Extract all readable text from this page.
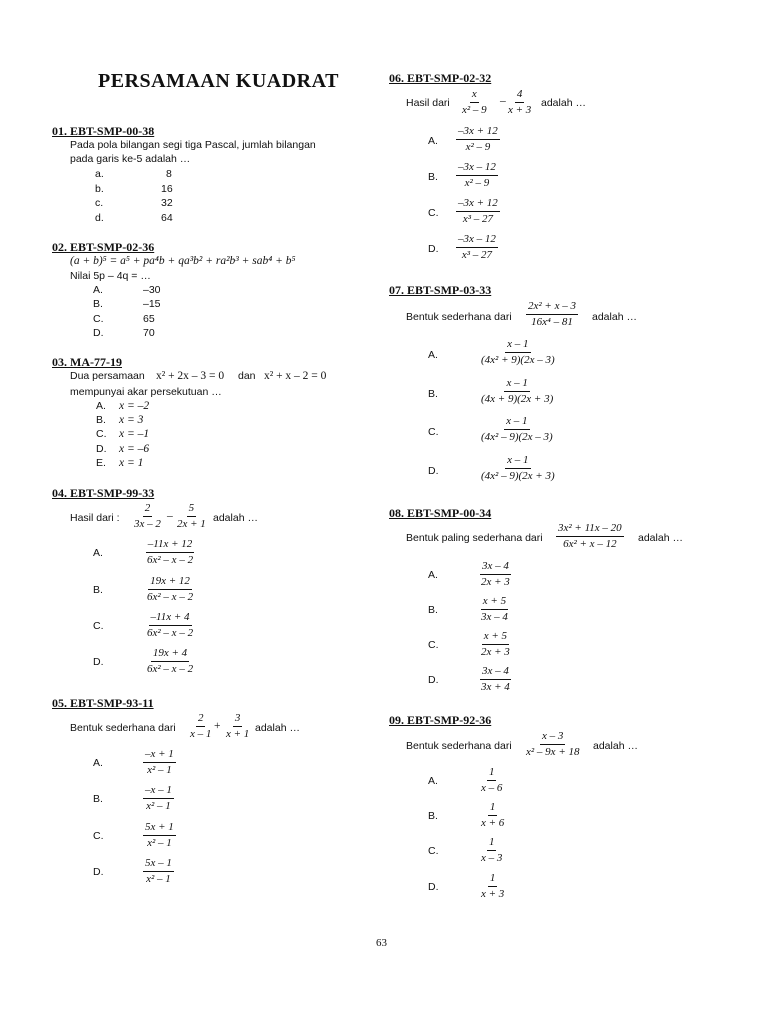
PERSAMAAN KUADRAT
01. EBT-SMP-00-38
Pada pola bilangan segi tiga Pascal, jumlah bilangan
pada garis ke-5 adalah …
a.	8
b.	16
c.	32
d.	64
02. EBT-SMP-02-36
(a + b)⁵ = a⁵ + pa⁴b + qa³b² + ra²b³ + sab⁴ + b⁵
Nilai 5p – 4q = …
A.	–30
B.	–15
C.	65
D.	70
03. MA-77-19
Dua persamaan x² + 2x – 3 = 0 dan x² + x – 2 = 0
mempunyai akar persekutuan …
A. x = –2
B. x = 3
C. x = –1
D. x = –6
E. x = 1
04. EBT-SMP-99-33
Hasil dari : $\frac{2}{3x - 2} - \frac{5}{2x + 1}$ adalah …
A.	$\frac{-11x + 12}{\text{6x² – x – 2}}$
B.	$\frac{19x + 12}{\text{6x² – x – 2}}$
C.	$\frac{-11x + 4}{\text{6x² – x – 2}}$
D.	$\frac{19x + 4}{\text{6x² – x – 2}}$
05. EBT-SMP-93-11
Bentuk sederhana dari $\frac{2}{x - 1} + \frac{3}{x + 1}$ adalah …
A.	$\frac{-x + 1}{\text{x² – 1}}$
B.	$\frac{-x - 1}{\text{x² – 1}}$
C.	$\frac{5x + 1}{\text{x² – 1}}$
D.	$\frac{5x - 1}{\text{x² – 1}}$
06. EBT-SMP-02-32
Hasil dari $\frac{x}{\text{x² – 9}} - \frac{4}{x + 3}$ adalah …
A. $\frac{-3x + 12}{\text{x² – 9}}$
B. $\frac{-3x - 12}{\text{x² – 9}}$
C. $\frac{-3x + 12}{\text{x³ – 27}}$
D. $\frac{-3x - 12}{\text{x³ – 27}}$
07. EBT-SMP-03-33
Bentuk sederhana dari $\frac{\text{2x² + x – 3}}{\text{16x⁴ – 81}}$ adalah …
A.	$\frac{x - 1}{\text{(4x² + 9)(2x – 3)}}$
B.	$\frac{x - 1}{(4x + 9)(2x + 3)}$
C.	$\frac{x - 1}{\text{(4x² – 9)(2x – 3)}}$
D.	$\frac{x - 1}{\text{(4x² – 9)(2x + 3)}}$
08. EBT-SMP-00-34
Bentuk paling sederhana dari $\frac{\text{3x² + 11x – 20}}{\text{6x² + x – 12}}$ adalah …
A.	$\frac{3x - 4}{2x + 3}$
B.	$\frac{x + 5}{3x - 4}$
C.	$\frac{x + 5}{2x + 3}$
D.	$\frac{3x - 4}{3x + 4}$
09. EBT-SMP-92-36
Bentuk sederhana dari $\frac{x - 3}{\text{x² – 9x + 18}}$ adalah …
A.	$\frac{1}{x - 6}$
B.	$\frac{1}{x + 6}$
C.	$\frac{1}{x - 3}$
D.	$\frac{1}{x + 3}$
63
